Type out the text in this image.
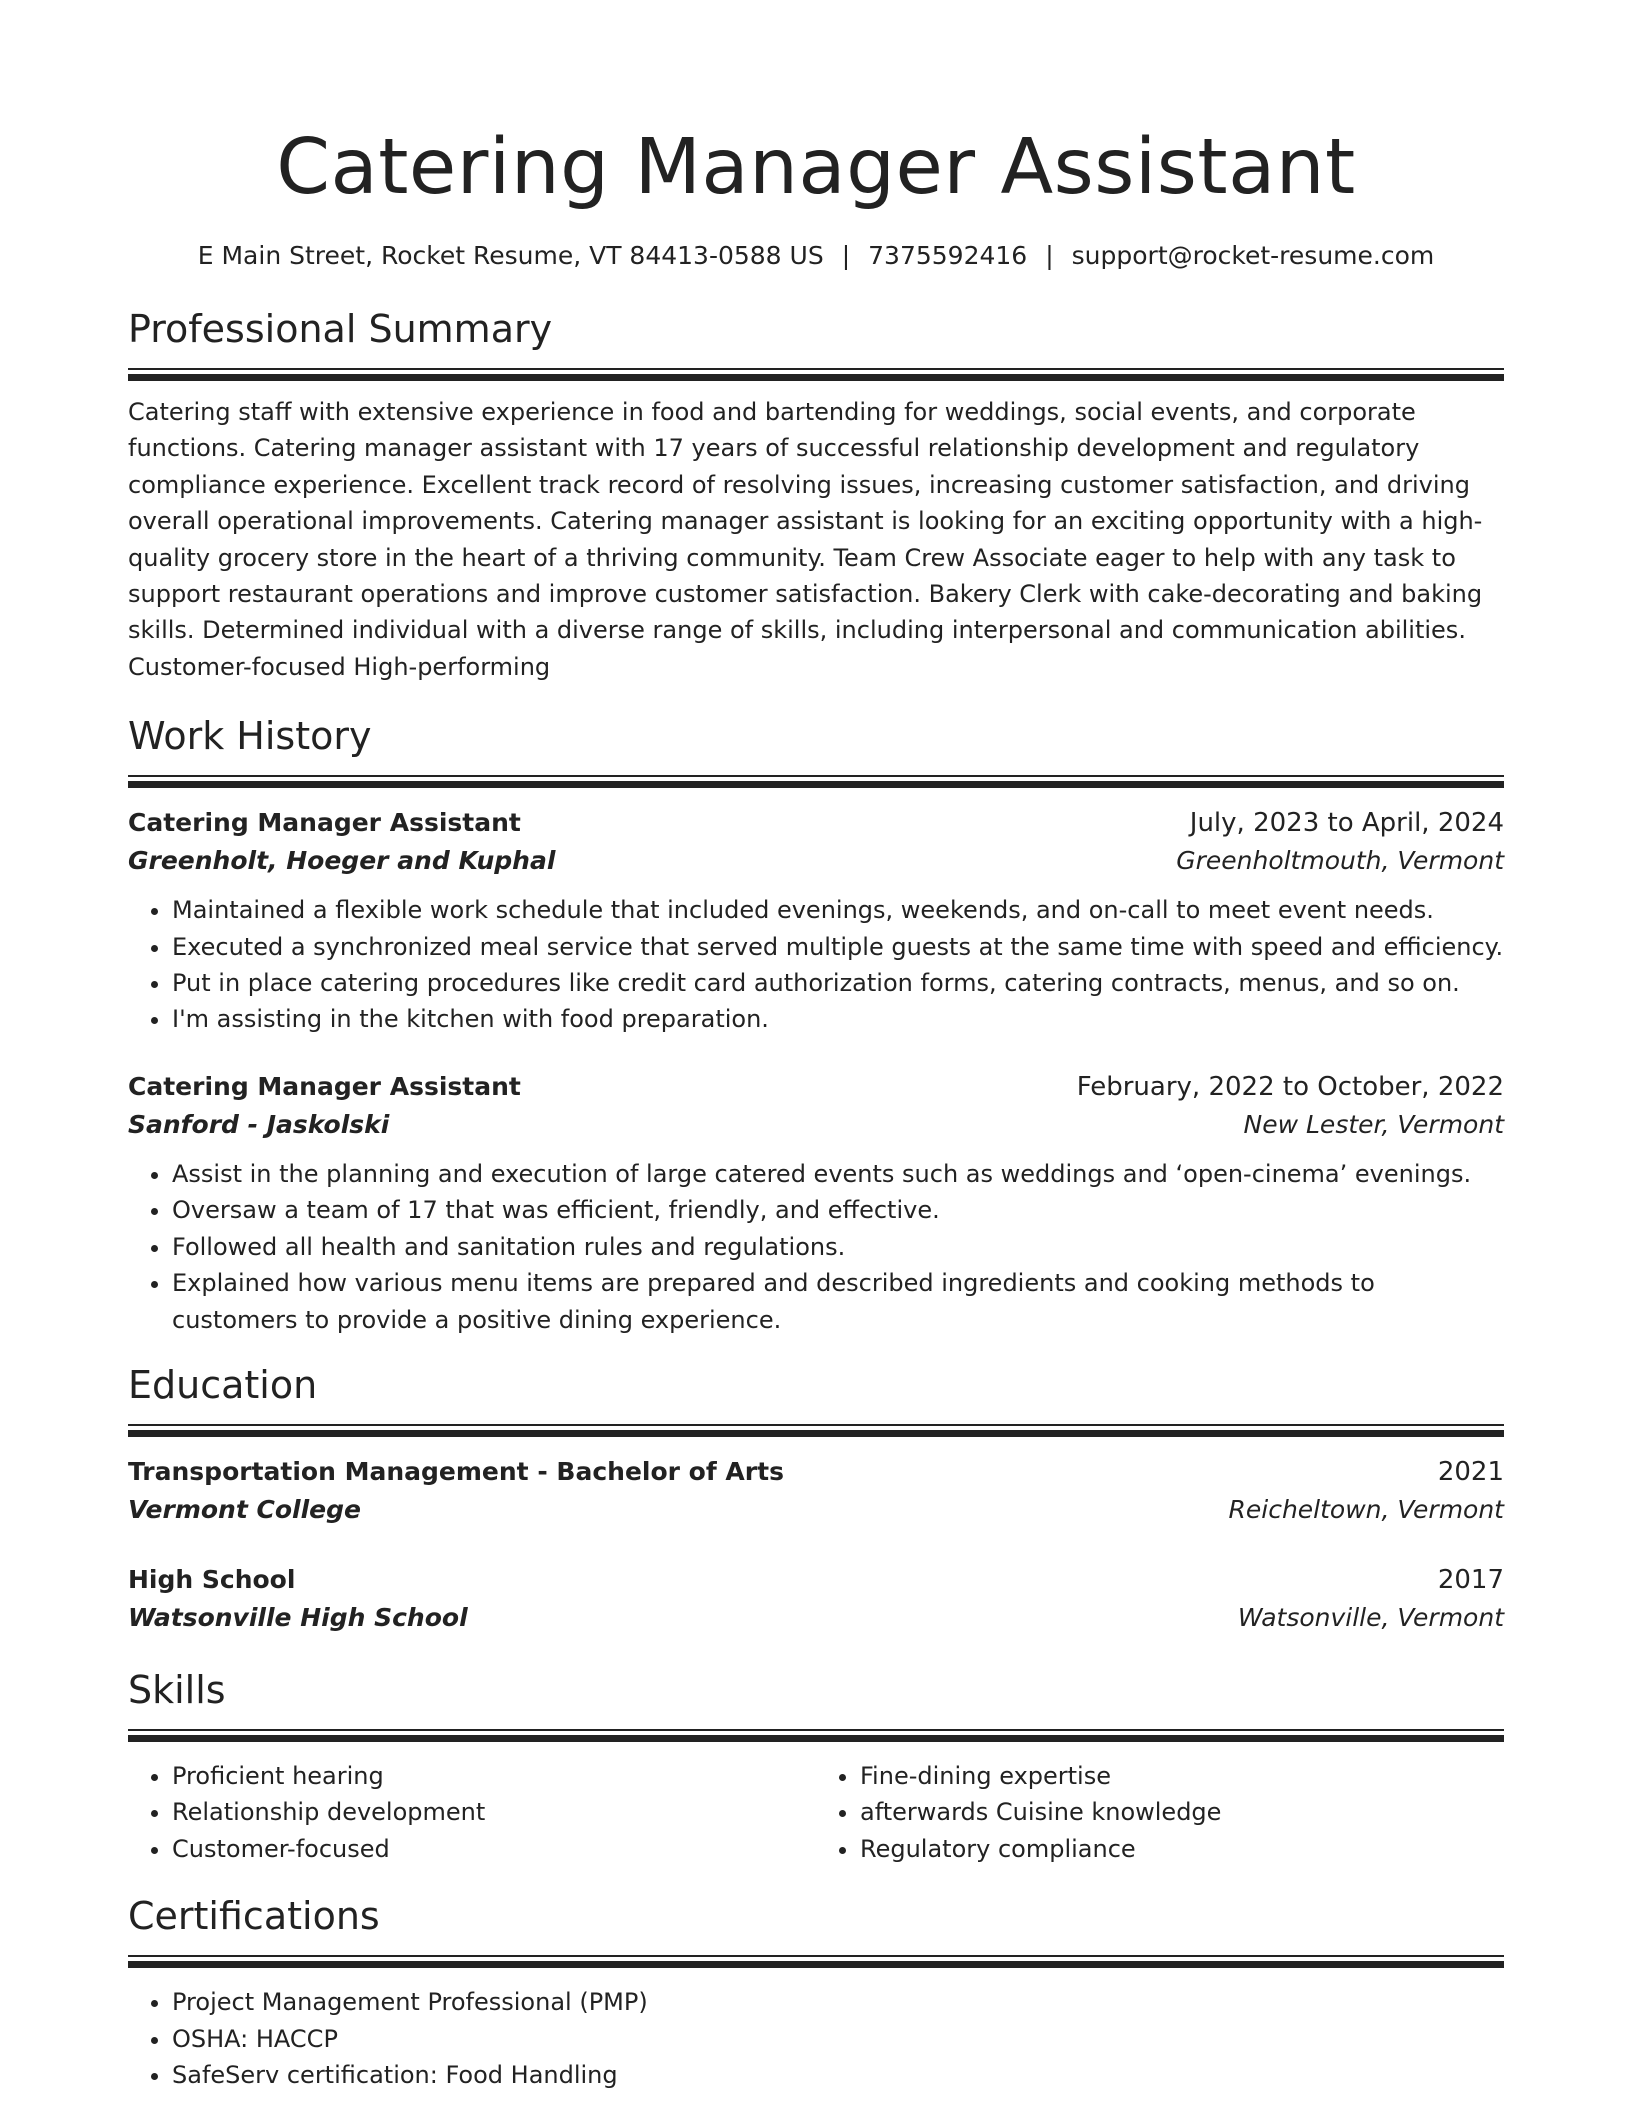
Catering Manager Assistant
E Main Street, Rocket Resume, VT 84413-0588 US | 7375592416 | support@rocket-resume.com
Professional Summary
Catering staff with extensive experience in food and bartending for weddings, social events, and corporate functions. Catering manager assistant with 17 years of successful relationship development and regulatory compliance experience. Excellent track record of resolving issues, increasing customer satisfaction, and driving overall operational improvements. Catering manager assistant is looking for an exciting opportunity with a high-quality grocery store in the heart of a thriving community. Team Crew Associate eager to help with any task to support restaurant operations and improve customer satisfaction. Bakery Clerk with cake-decorating and baking skills. Determined individual with a diverse range of skills, including interpersonal and communication abilities. Customer-focused High-performing
Work History
Catering Manager Assistant	July, 2023 to April, 2024
Greenholt, Hoeger and Kuphal	Greenholtmouth, Vermont
• Maintained a flexible work schedule that included evenings, weekends, and on-call to meet event needs.
• Executed a synchronized meal service that served multiple guests at the same time with speed and efficiency.
• Put in place catering procedures like credit card authorization forms, catering contracts, menus, and so on.
• I'm assisting in the kitchen with food preparation.
Catering Manager Assistant	February, 2022 to October, 2022
Sanford - Jaskolski	New Lester, Vermont
• Assist in the planning and execution of large catered events such as weddings and ‘open-cinema’ evenings.
• Oversaw a team of 17 that was efficient, friendly, and effective.
• Followed all health and sanitation rules and regulations.
• Explained how various menu items are prepared and described ingredients and cooking methods to customers to provide a positive dining experience.
Education
Transportation Management - Bachelor of Arts	2021
Vermont College	Reicheltown, Vermont
High School	2017
Watsonville High School	Watsonville, Vermont
Skills
• Proficient hearing
• Relationship development
• Customer-focused
• Fine-dining expertise
• afterwards Cuisine knowledge
• Regulatory compliance
Certifications
• Project Management Professional (PMP)
• OSHA: HACCP
• SafeServ certification: Food Handling
